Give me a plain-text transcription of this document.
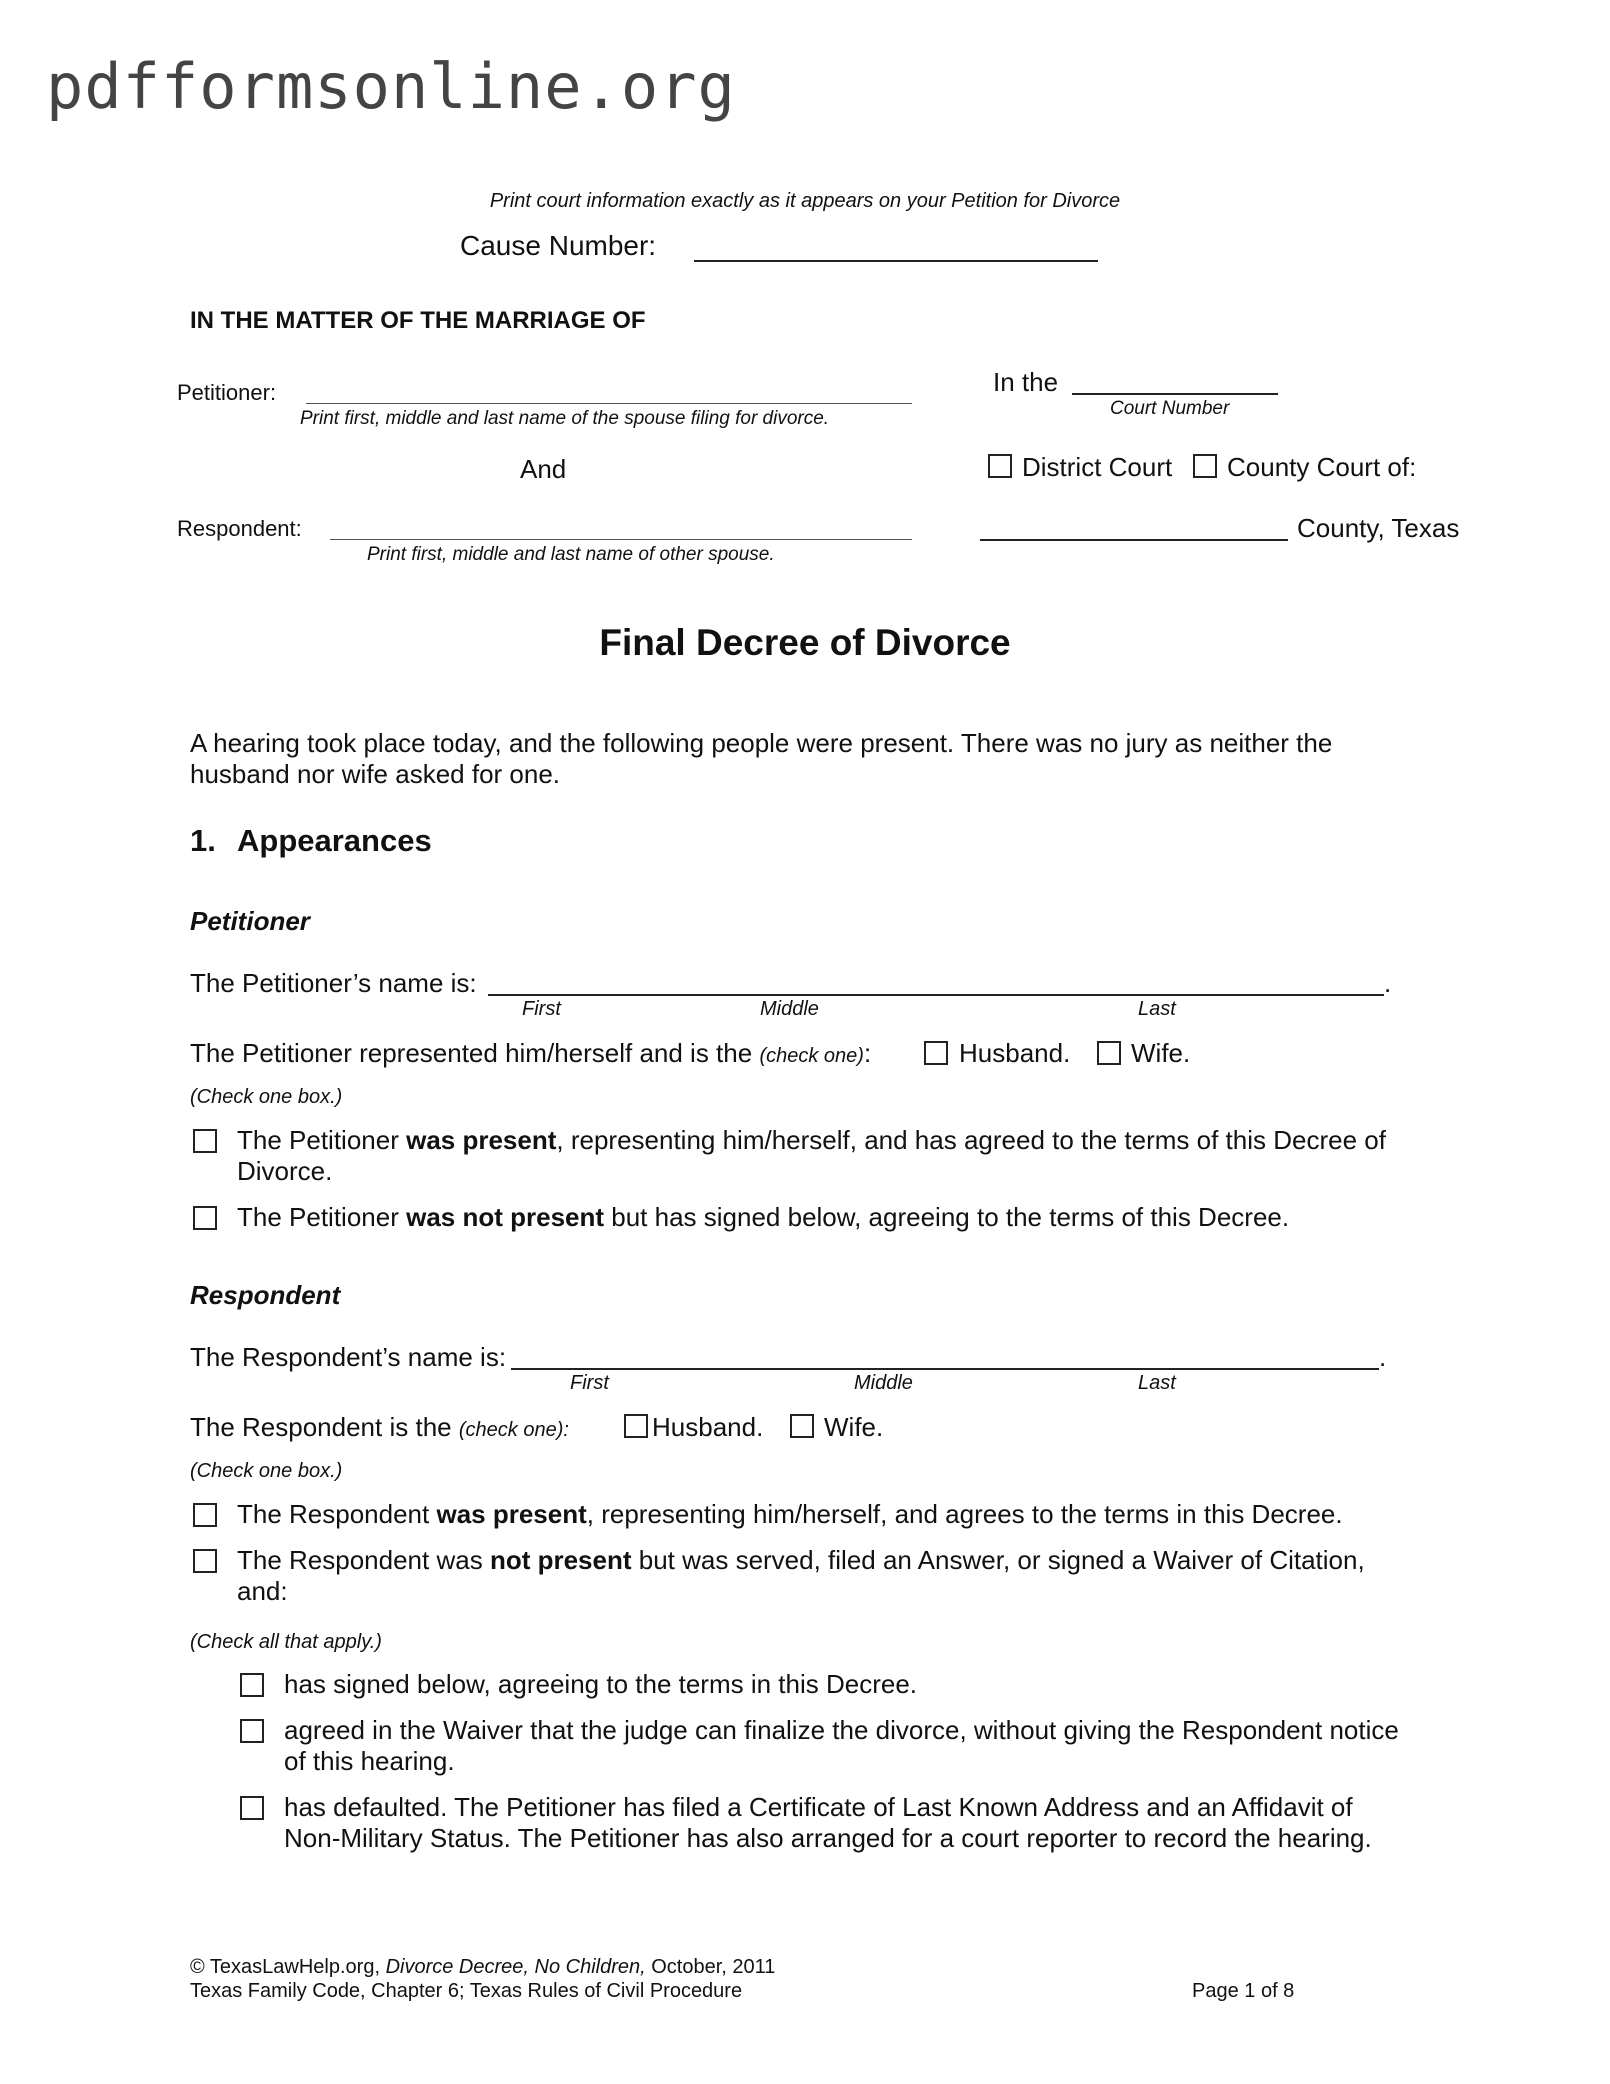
pdfformsonline.org
Print court information exactly as it appears on your Petition for Divorce
Cause Number:
IN THE MATTER OF THE MARRIAGE OF
Petitioner:
Print first, middle and last name of the spouse filing for divorce.
And
Respondent:
Print first, middle and last name of other spouse.
In the
Court Number
District Court County Court of:
County, Texas
Final Decree of Divorce
A hearing took place today, and the following people were present. There was no jury as neither the
husband nor wife asked for one.
1. Appearances
Petitioner
The Petitioner’s name is:	.
First	Middle	Last
The Petitioner represented him/herself and is the (check one):	Husband. Wife.
(Check one box.)
The Petitioner was present, representing him/herself, and has agreed to the terms of this Decree of
Divorce.
The Petitioner was not present but has signed below, agreeing to the terms of this Decree.
Respondent
The Respondent’s name is:	.
First	Middle	Last
The Respondent is the (check one):	Husband. Wife.
(Check one box.)
The Respondent was present, representing him/herself, and agrees to the terms in this Decree.
The Respondent was not present but was served, filed an Answer, or signed a Waiver of Citation,
and:
(Check all that apply.)
has signed below, agreeing to the terms in this Decree.
agreed in the Waiver that the judge can finalize the divorce, without giving the Respondent notice
of this hearing.
has defaulted. The Petitioner has filed a Certificate of Last Known Address and an Affidavit of
Non-Military Status. The Petitioner has also arranged for a court reporter to record the hearing.
© TexasLawHelp.org, Divorce Decree, No Children, October, 2011
Texas Family Code, Chapter 6; Texas Rules of Civil Procedure	Page 1 of 8
